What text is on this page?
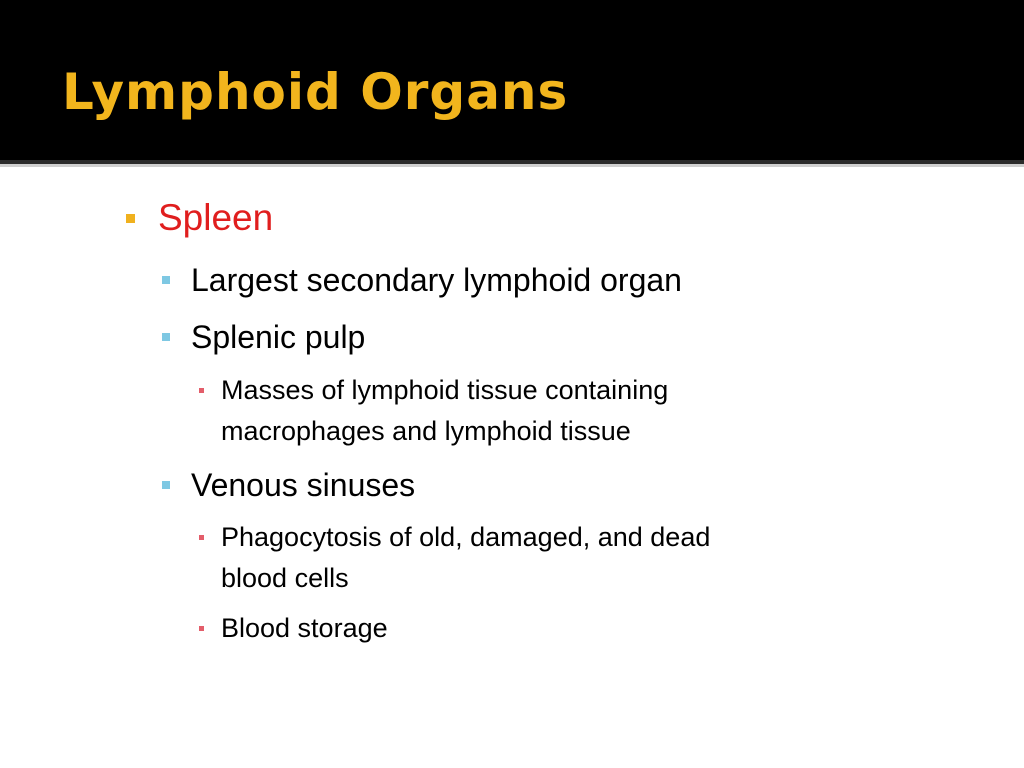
Lymphoid Organs

Spleen

Largest secondary lymphoid organ

Splenic pulp

Masses of lymphoid tissue containing

macrophages and lymphoid tissue

Venous sinuses

Phagocytosis of old, damaged, and dead

blood cells

Blood storage
